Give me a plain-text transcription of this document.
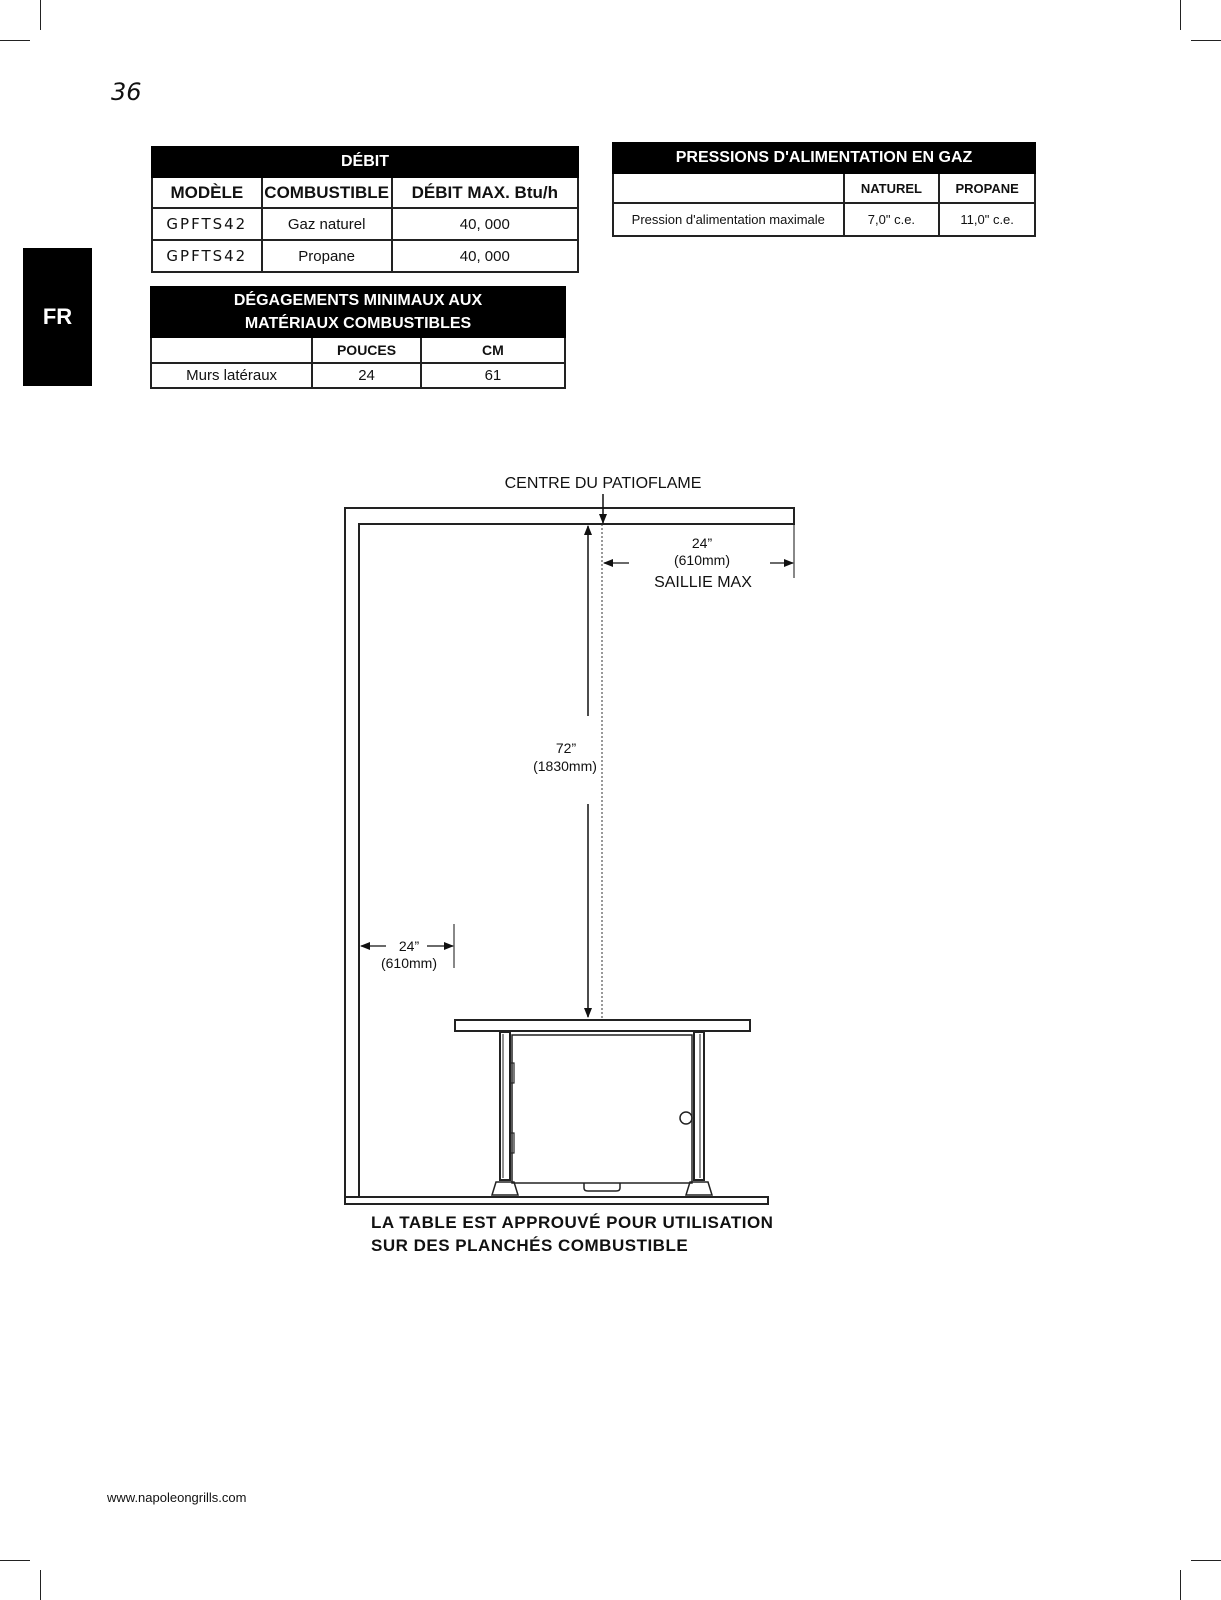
36
FR
DÉBIT		
MODÈLE	COMBUSTIBLE	DÉBIT MAX. Btu/h
GPFTS42	Gaz naturel	40, 000
GPFTS42	Propane	40, 000
PRESSIONS D'ALIMENTATION EN GAZ		
	NATUREL	PROPANE
Pression d'alimentation maximale	7,0" c.e.	11,0" c.e.
DÉGAGEMENTS MINIMAUX AUX
MATÉRIAUX COMBUSTIBLES		

	POUCES	CM
Murs latéraux	24	61
CENTRE DU PATIOFLAME
24”
(610mm)
SAILLIE MAX
72”
(1830mm)
24”
(610mm)
LA TABLE EST APPROUVÉ POUR UTILISATION
SUR DES PLANCHÉS COMBUSTIBLE
www.napoleongrills.com
